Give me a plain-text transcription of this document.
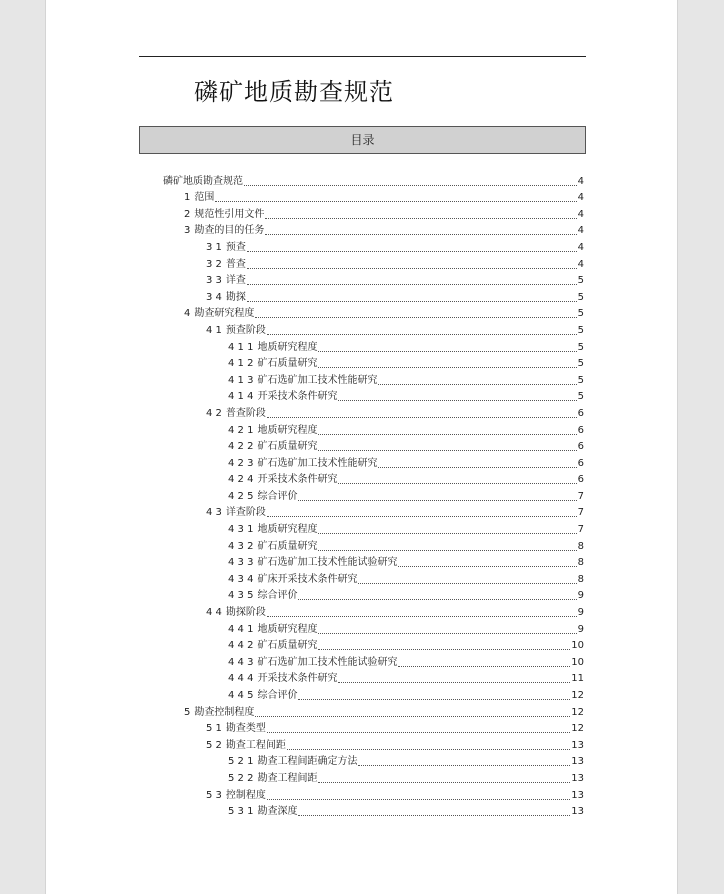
磷矿地质勘查规范
目录
磷矿地质勘查规范	4
1 范围	4
2 规范性引用文件	4
3 勘查的目的任务	4
3 1 预查	4
3 2 普查	4
3 3 详查	5
3 4 勘探	5
4 勘查研究程度	5
4 1 预查阶段	5
4 1 1 地质研究程度	5
4 1 2 矿石质量研究	5
4 1 3 矿石选矿加工技术性能研究	5
4 1 4 开采技术条件研究	5
4 2 普查阶段	6
4 2 1 地质研究程度	6
4 2 2 矿石质量研究	6
4 2 3 矿石选矿加工技术性能研究	6
4 2 4 开采技术条件研究	6
4 2 5 综合评价	7
4 3 详查阶段	7
4 3 1 地质研究程度	7
4 3 2 矿石质量研究	8
4 3 3 矿石选矿加工技术性能试验研究	8
4 3 4 矿床开采技术条件研究	8
4 3 5 综合评价	9
4 4 勘探阶段	9
4 4 1 地质研究程度	9
4 4 2 矿石质量研究	10
4 4 3 矿石选矿加工技术性能试验研究	10
4 4 4 开采技术条件研究	11
4 4 5 综合评价	12
5 勘查控制程度	12
5 1 勘查类型	12
5 2 勘查工程间距	13
5 2 1 勘查工程间距确定方法	13
5 2 2 勘查工程间距	13
5 3 控制程度	13
5 3 1 勘查深度	13
